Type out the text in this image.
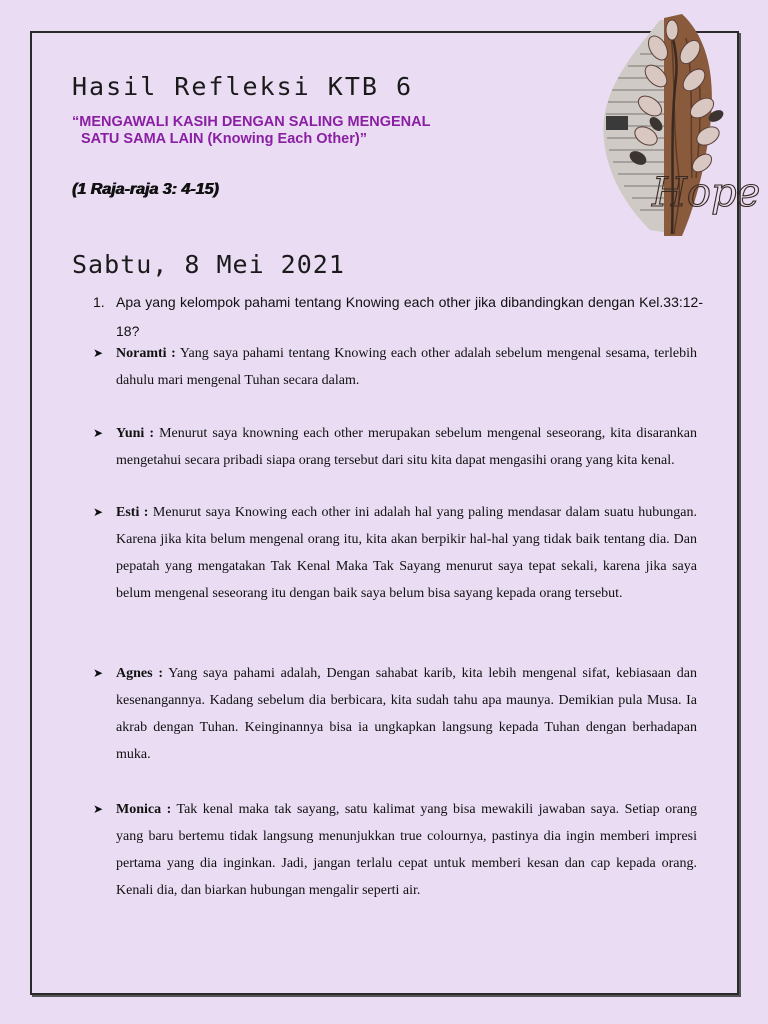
Hasil Refleksi KTB 6

“MENGAWALI KASIH DENGAN SALING MENGENAL
SATU SAMA LAIN (Knowing Each Other)”

(1 Raja-raja 3: 4-15)

Sabtu, 8 Mei 2021
1. Apa yang kelompok pahami tentang Knowing each other jika dibandingkan dengan Kel.33:12-18?
➤ Noramti : Yang saya pahami tentang Knowing each other adalah sebelum mengenal sesama, terlebih dahulu mari mengenal Tuhan secara dalam.
➤ Yuni : Menurut saya knowning each other merupakan sebelum mengenal seseorang, kita disarankan mengetahui secara pribadi siapa orang tersebut dari situ kita dapat mengasihi orang yang kita kenal.
➤ Esti : Menurut saya Knowing each other ini adalah hal yang paling mendasar dalam suatu hubungan. Karena jika kita belum mengenal orang itu, kita akan berpikir hal-hal yang tidak baik tentang dia. Dan pepatah yang mengatakan Tak Kenal Maka Tak Sayang menurut saya tepat sekali, karena jika saya belum mengenal seseorang itu dengan baik saya belum bisa sayang kepada orang tersebut.
➤ Agnes : Yang saya pahami adalah, Dengan sahabat karib, kita lebih mengenal sifat, kebiasaan dan kesenangannya. Kadang sebelum dia berbicara, kita sudah tahu apa maunya. Demikian pula Musa. Ia akrab dengan Tuhan. Keinginannya bisa ia ungkapkan langsung kepada Tuhan dengan berhadapan muka.
➤ Monica : Tak kenal maka tak sayang, satu kalimat yang bisa mewakili jawaban saya. Setiap orang yang baru bertemu tidak langsung menunjukkan true colournya, pastinya dia ingin memberi impresi pertama yang dia inginkan. Jadi, jangan terlalu cepat untuk memberi kesan dan cap kepada orang. Kenali dia, dan biarkan hubungan mengalir seperti air.
Hope
